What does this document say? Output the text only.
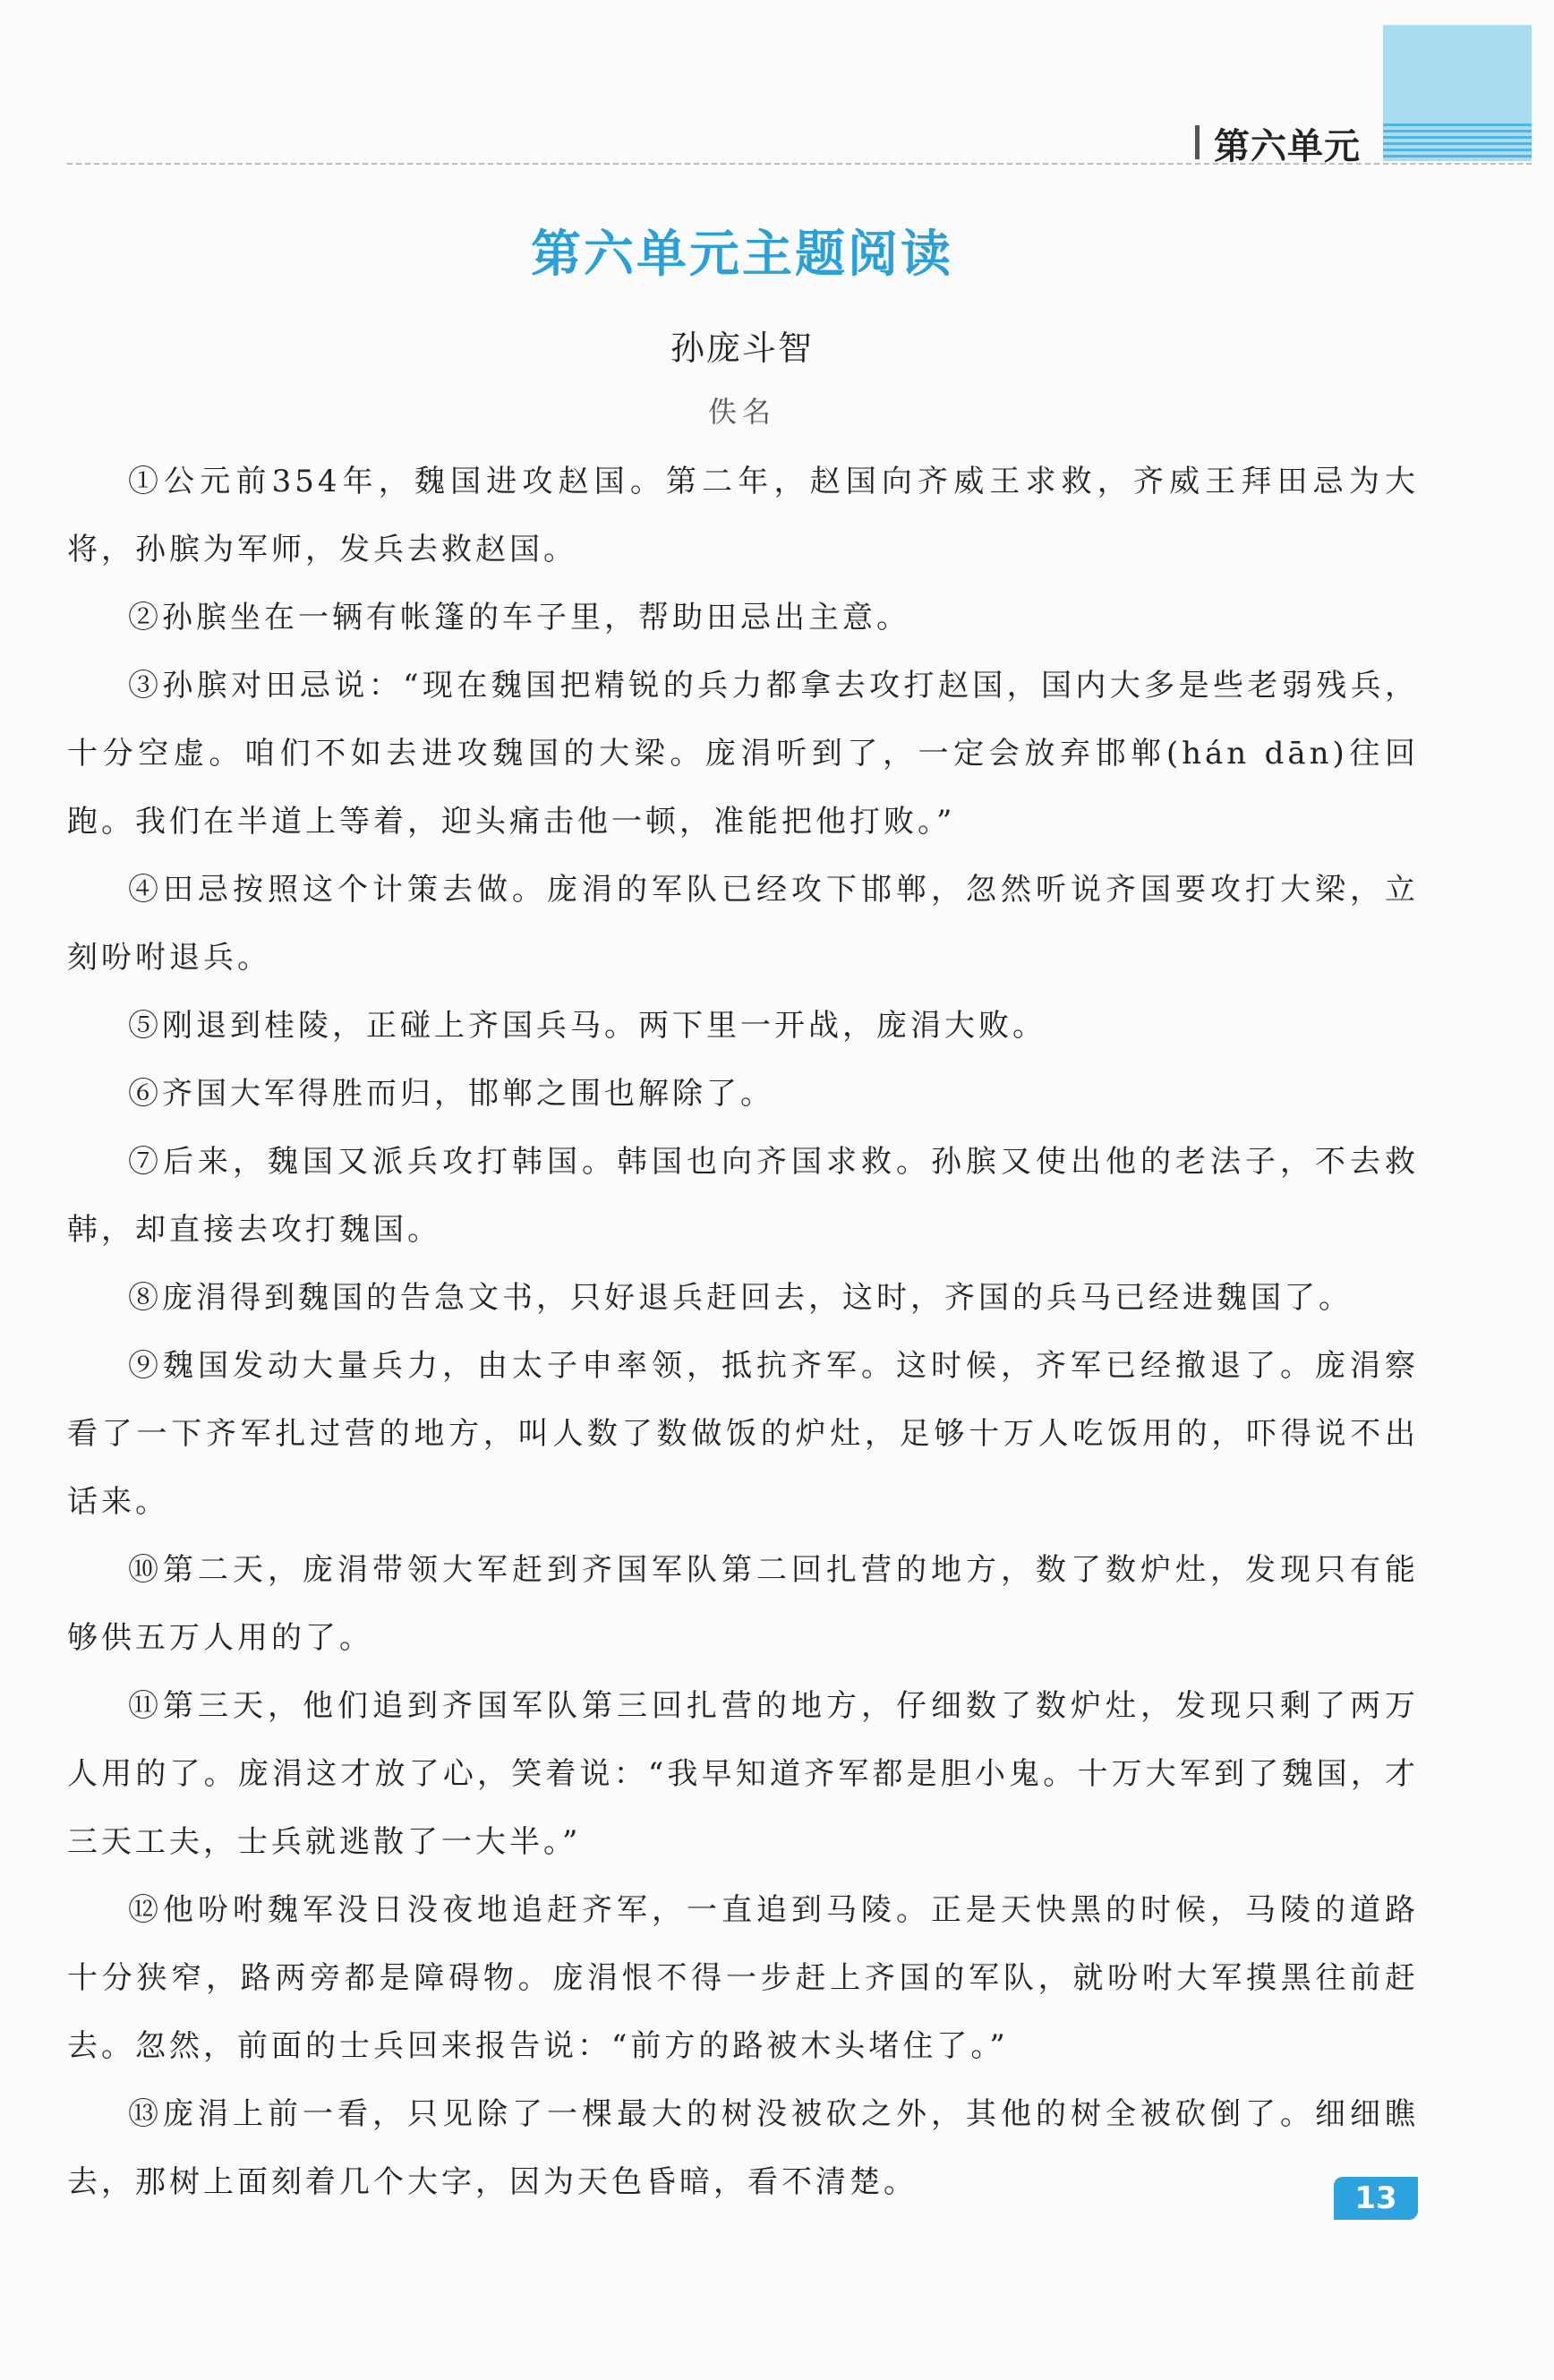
第六单元
第六单元主题阅读
孙庞斗智
佚名

①公元前354年，魏国进攻赵国。第二年，赵国向齐威王求救，齐威王拜田忌为大将，孙膑为军师，发兵去救赵国。

②孙膑坐在一辆有帐篷的车子里，帮助田忌出主意。

③孙膑对田忌说：“现在魏国把精锐的兵力都拿去攻打赵国，国内大多是些老弱残兵，十分空虚。咱们不如去进攻魏国的大梁。庞涓听到了，一定会放弃邯郸(hán dān)往回跑。我们在半道上等着，迎头痛击他一顿，准能把他打败。”

④田忌按照这个计策去做。庞涓的军队已经攻下邯郸，忽然听说齐国要攻打大梁，立刻吩咐退兵。

⑤刚退到桂陵，正碰上齐国兵马。两下里一开战，庞涓大败。

⑥齐国大军得胜而归，邯郸之围也解除了。

⑦后来，魏国又派兵攻打韩国。韩国也向齐国求救。孙膑又使出他的老法子，不去救韩，却直接去攻打魏国。

⑧庞涓得到魏国的告急文书，只好退兵赶回去，这时，齐国的兵马已经进魏国了。

⑨魏国发动大量兵力，由太子申率领，抵抗齐军。这时候，齐军已经撤退了。庞涓察看了一下齐军扎过营的地方，叫人数了数做饭的炉灶，足够十万人吃饭用的，吓得说不出话来。

⑩第二天，庞涓带领大军赶到齐国军队第二回扎营的地方，数了数炉灶，发现只有能够供五万人用的了。

⑪第三天，他们追到齐国军队第三回扎营的地方，仔细数了数炉灶，发现只剩了两万人用的了。庞涓这才放了心，笑着说：“我早知道齐军都是胆小鬼。十万大军到了魏国，才三天工夫，士兵就逃散了一大半。”

⑫他吩咐魏军没日没夜地追赶齐军，一直追到马陵。正是天快黑的时候，马陵的道路十分狭窄，路两旁都是障碍物。庞涓恨不得一步赶上齐国的军队，就吩咐大军摸黑往前赶去。忽然，前面的士兵回来报告说：“前方的路被木头堵住了。”

⑬庞涓上前一看，只见除了一棵最大的树没被砍之外，其他的树全被砍倒了。细细瞧去，那树上面刻着几个大字，因为天色昏暗，看不清楚。	13
